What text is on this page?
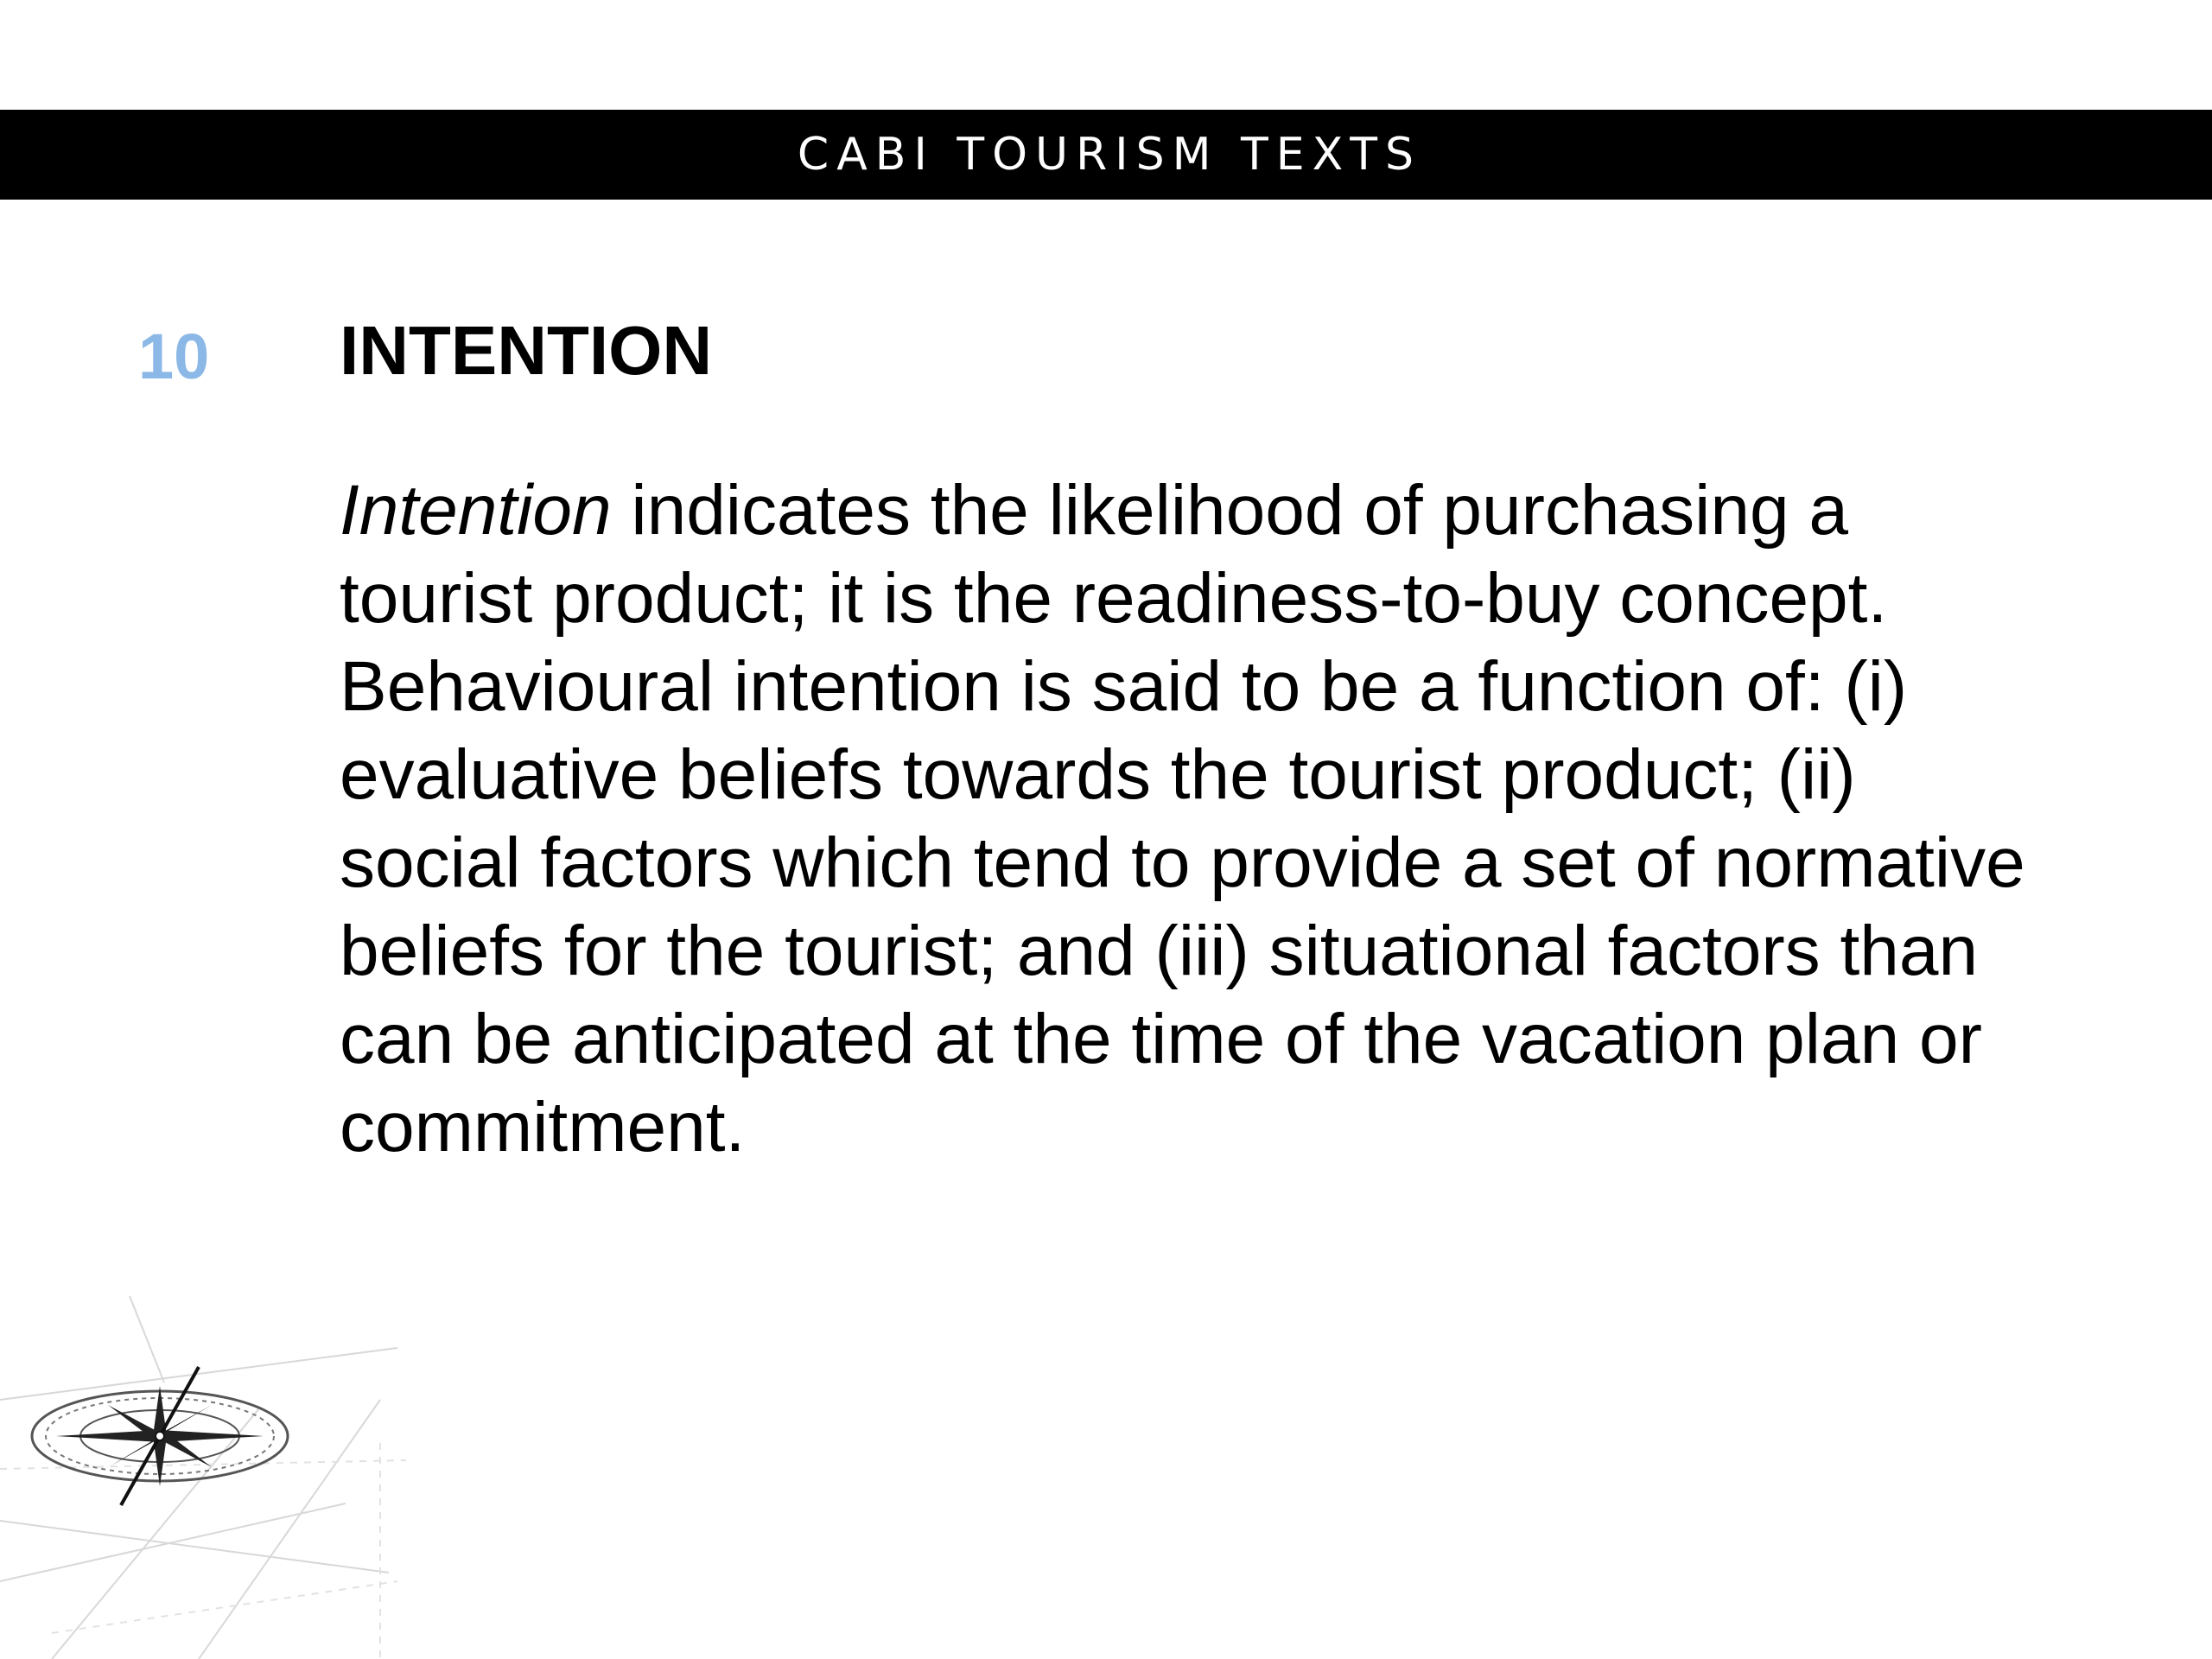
CABI TOURISM TEXTS
10 INTENTION

Intention indicates the likelihood of purchasing a tourist product; it is the readiness-to-buy concept. Behavioural intention is said to be a function of: (i) evaluative beliefs towards the tourist product; (ii) social factors which tend to provide a set of normative beliefs for the tourist; and (iii) situational factors than can be anticipated at the time of the vacation plan or commitment.
